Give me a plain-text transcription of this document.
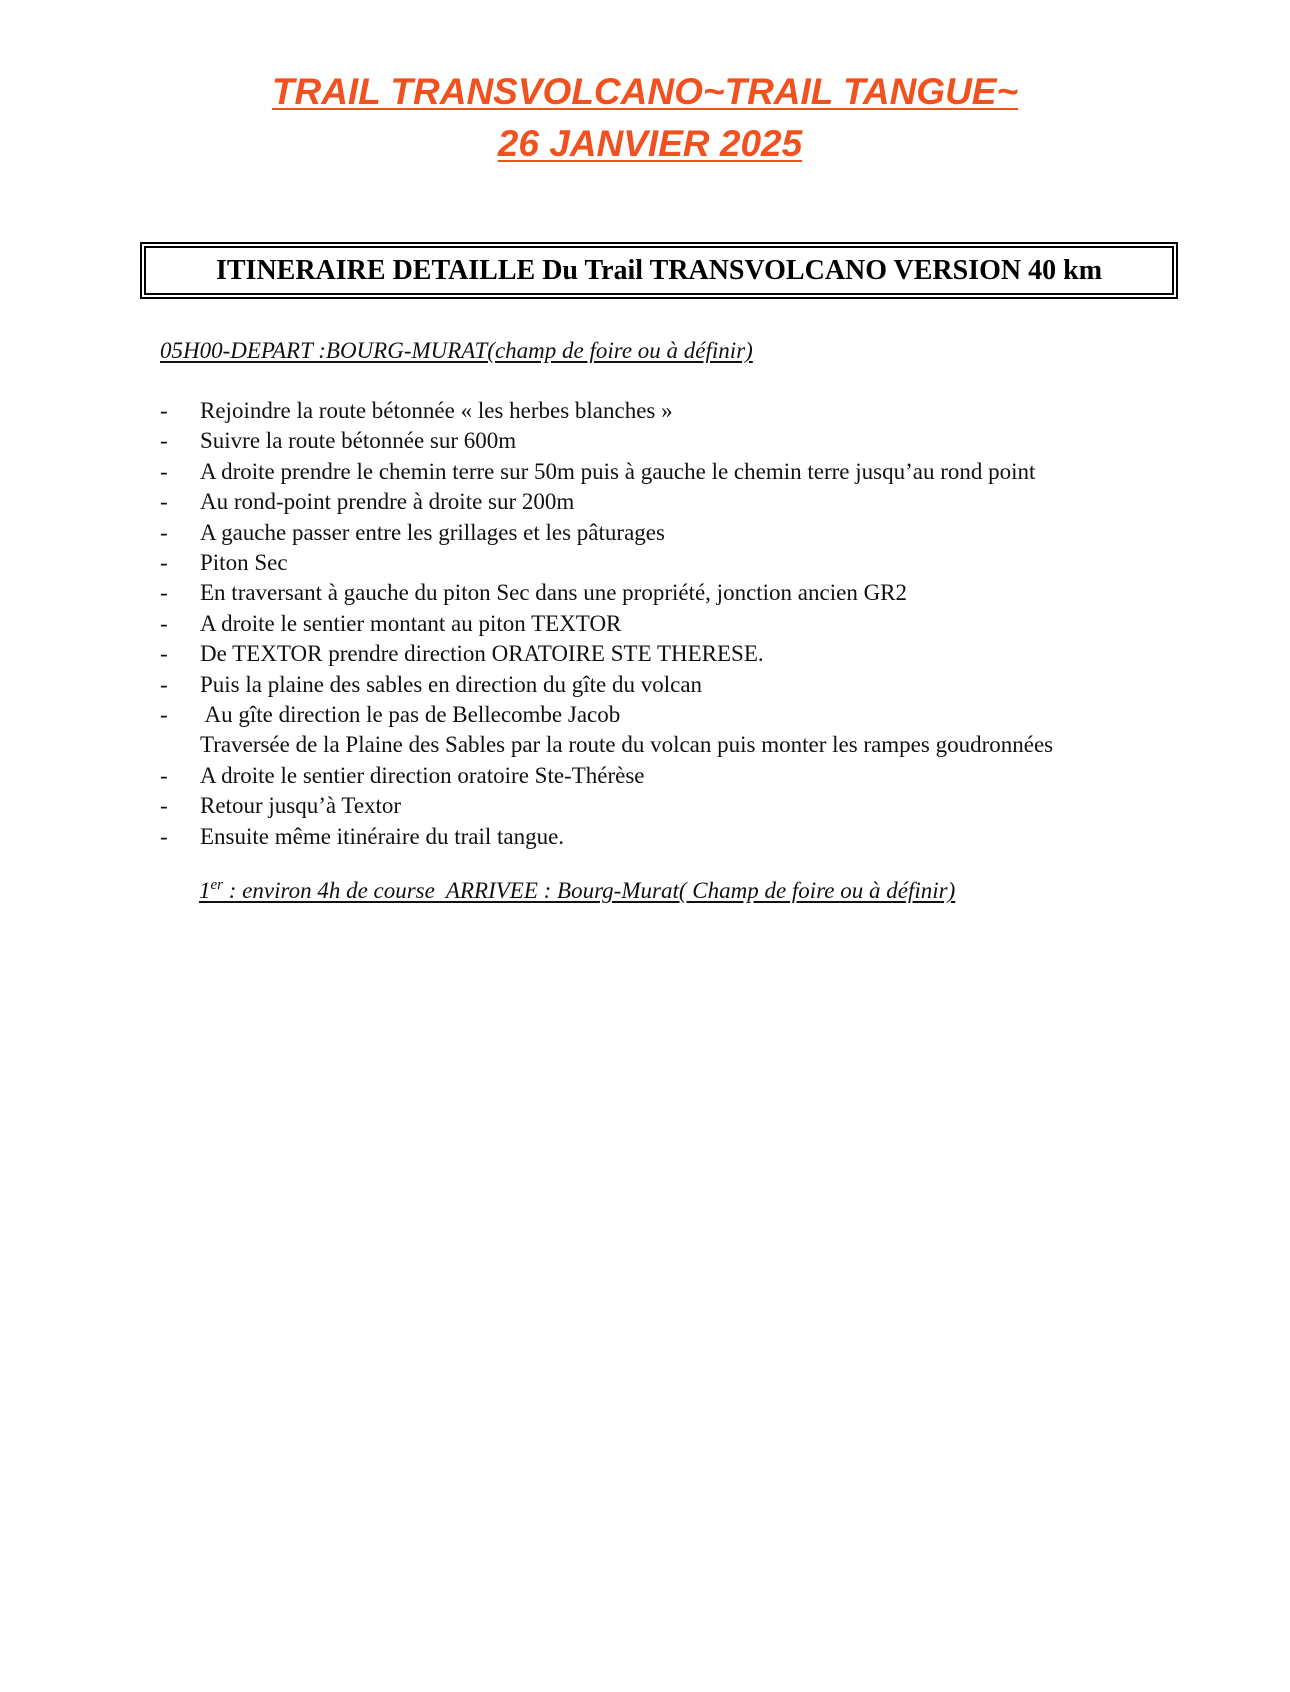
TRAIL TRANSVOLCANO~TRAIL TANGUE~
26 JANVIER 2025
ITINERAIRE DETAILLE Du Trail TRANSVOLCANO VERSION 40 km
05H00-DEPART :BOURG-MURAT(champ de foire ou à définir)
- Rejoindre la route bétonnée « les herbes blanches »
- Suivre la route bétonnée sur 600m
- A droite prendre le chemin terre sur 50m puis à gauche le chemin terre jusqu’au rond point
- Au rond-point prendre à droite sur 200m
- A gauche passer entre les grillages et les pâturages
- Piton Sec
- En traversant à gauche du piton Sec dans une propriété, jonction ancien GR2
- A droite le sentier montant au piton TEXTOR
- De TEXTOR prendre direction ORATOIRE STE THERESE.
- Puis la plaine des sables en direction du gîte du volcan
- Au gîte direction le pas de Bellecombe Jacob
Traversée de la Plaine des Sables par la route du volcan puis monter les rampes goudronnées
- A droite le sentier direction oratoire Ste-Thérèse
- Retour jusqu’à Textor
- Ensuite même itinéraire du trail tangue.
1er : environ 4h de course  ARRIVEE : Bourg-Murat( Champ de foire ou à définir)
